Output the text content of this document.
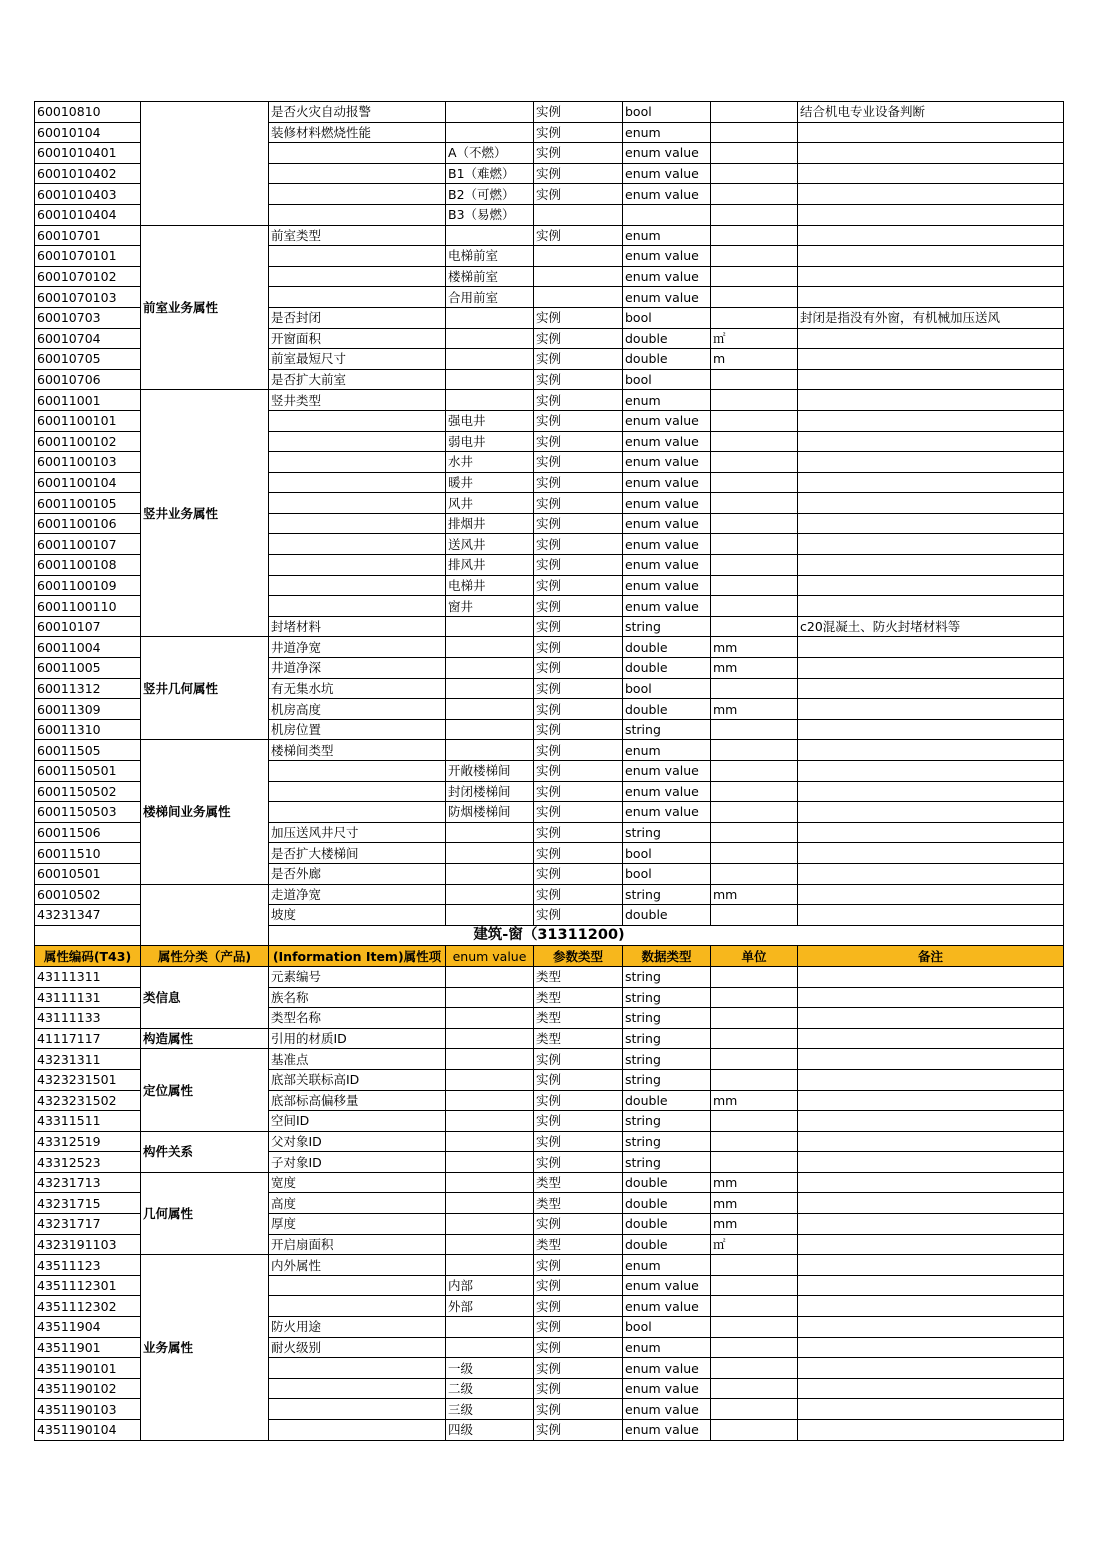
60010810		是否火灾自动报警		实例	bool		结合机电专业设备判断
60010104		装修材料燃烧性能		实例	enum		
6001010401			A（不燃）	实例	enum value		
6001010402			B1（难燃）	实例	enum value		
6001010403			B2（可燃）	实例	enum value		
6001010404			B3（易燃）				
60010701	前室业务属性	前室类型		实例	enum		
6001070101			电梯前室		enum value		
6001070102			楼梯前室		enum value		
6001070103			合用前室		enum value		
60010703		是否封闭		实例	bool		封闭是指没有外窗，有机械加压送风
60010704		开窗面积		实例	double	㎡	
60010705		前室最短尺寸		实例	double	m	
60010706		是否扩大前室		实例	bool		
60011001	竖井业务属性	竖井类型		实例	enum		
6001100101			强电井	实例	enum value		
6001100102			弱电井	实例	enum value		
6001100103			水井	实例	enum value		
6001100104			暖井	实例	enum value		
6001100105			风井	实例	enum value		
6001100106			排烟井	实例	enum value		
6001100107			送风井	实例	enum value		
6001100108			排风井	实例	enum value		
6001100109			电梯井	实例	enum value		
6001100110			窗井	实例	enum value		
60010107		封堵材料		实例	string		c20混凝土、防火封堵材料等
60011004	竖井几何属性	井道净宽		实例	double	mm	
60011005		井道净深		实例	double	mm	
60011312		有无集水坑		实例	bool		
60011309		机房高度		实例	double	mm	
60011310		机房位置		实例	string		
60011505	楼梯间业务属性	楼梯间类型		实例	enum		
6001150501			开敞楼梯间	实例	enum value		
6001150502			封闭楼梯间	实例	enum value		
6001150503			防烟楼梯间	实例	enum value		
60011506		加压送风井尺寸		实例	string		
60011510		是否扩大楼梯间		实例	bool		
60010501		是否外廊		实例	bool		
60010502		走道净宽		实例	string	mm	
43231347		坡度		实例	double		
建筑-窗（31311200)							
属性编码(T43)	属性分类（产品)	(Information Item)属性项	enum value	参数类型	数据类型	单位	备注
43111311	类信息	元素编号		类型	string		
43111131		族名称		类型	string		
43111133		类型名称		类型	string		
41117117	构造属性	引用的材质ID		类型	string		
43231311	定位属性	基准点		实例	string		
4323231501		底部关联标高ID		实例	string		
4323231502		底部标高偏移量		实例	double	mm	
43311511		空间ID		实例	string		
43312519	构件关系	父对象ID		实例	string		
43312523		子对象ID		实例	string		
43231713	几何属性	宽度		类型	double	mm	
43231715		高度		类型	double	mm	
43231717		厚度		实例	double	mm	
4323191103		开启扇面积		类型	double	㎡	
43511123	业务属性	内外属性		实例	enum		
4351112301			内部	实例	enum value		
4351112302			外部	实例	enum value		
43511904		防火用途		实例	bool		
43511901		耐火级别		实例	enum		
4351190101			一级	实例	enum value		
4351190102			二级	实例	enum value		
4351190103			三级	实例	enum value		
4351190104			四级	实例	enum value		
